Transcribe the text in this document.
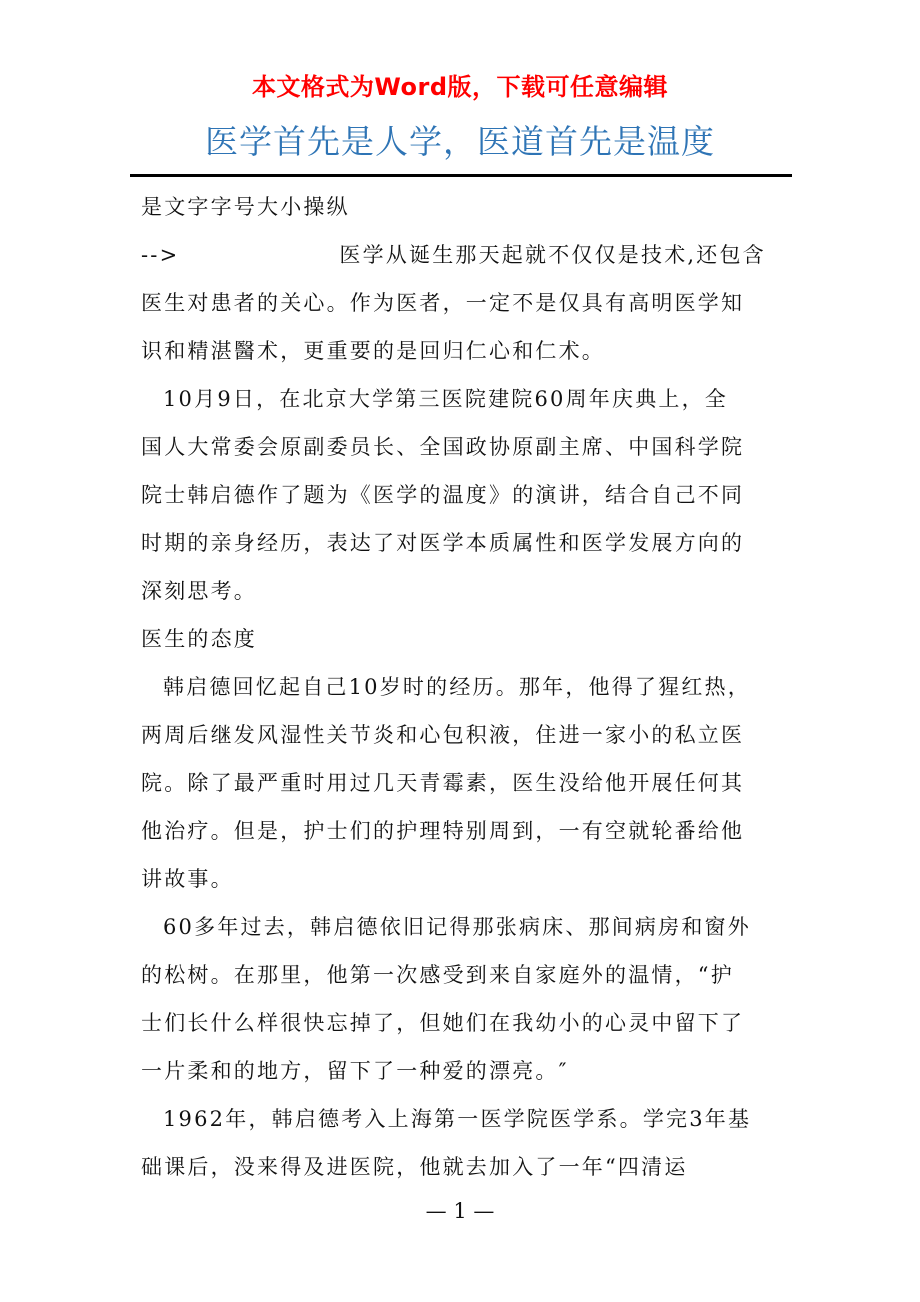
本文格式为Word版，下载可任意编辑
医学首先是人学，医道首先是温度
是文字字号大小操纵
-->	医学从诞生那天起就不仅仅是技术,还包含
医生对患者的关心。作为医者，一定不是仅具有高明医学知
识和精湛醫术，更重要的是回归仁心和仁术。
10月9日，在北京大学第三医院建院60周年庆典上，全
国人大常委会原副委员长、全国政协原副主席、中国科学院
院士韩启德作了题为《医学的温度》的演讲，结合自己不同
时期的亲身经历，表达了对医学本质属性和医学发展方向的
深刻思考。
医生的态度
韩启德回忆起自己10岁时的经历。那年，他得了猩红热，
两周后继发风湿性关节炎和心包积液，住进一家小的私立医
院。除了最严重时用过几天青霉素，医生没给他开展任何其
他治疗。但是，护士们的护理特别周到，一有空就轮番给他
讲故事。
60多年过去，韩启德依旧记得那张病床、那间病房和窗外
的松树。在那里，他第一次感受到来自家庭外的温情，“护
士们长什么样很快忘掉了，但她们在我幼小的心灵中留下了
一片柔和的地方，留下了一种爱的漂亮。″
1962年，韩启德考入上海第一医学院医学系。学完3年基
础课后，没来得及进医院，他就去加入了一年“四清运
— 1 —
